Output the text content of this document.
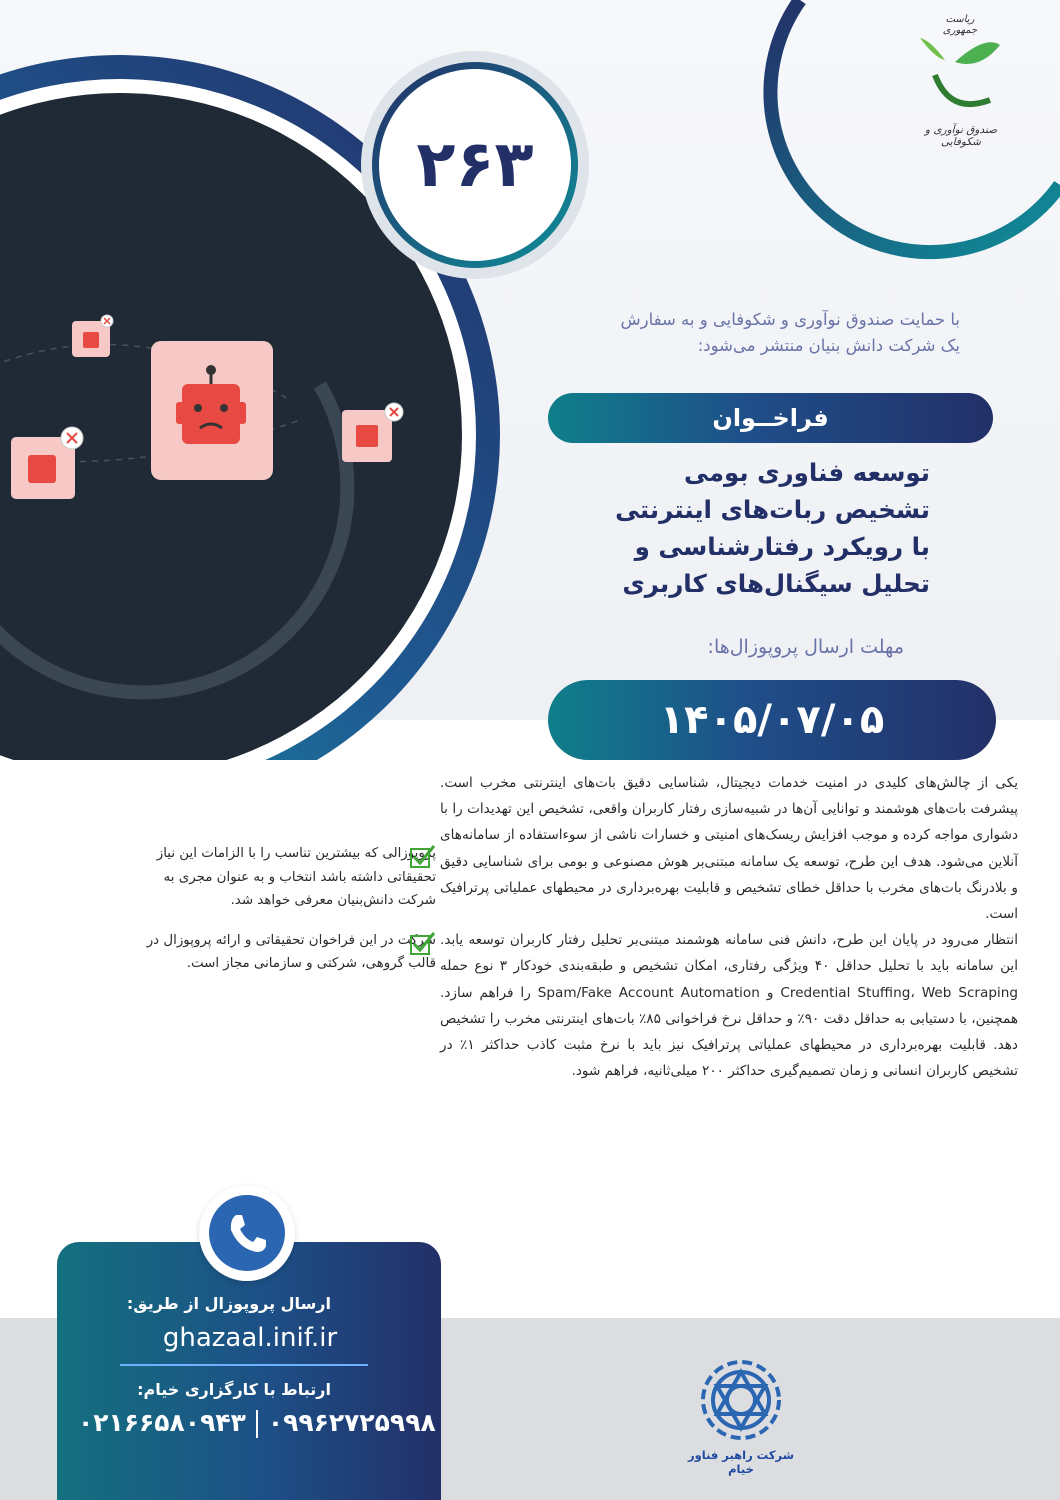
۲۶۳
ریاست جمهوری
صندوق نوآوری و شکوفایی
با حمایت صندوق نوآوری و شکوفایی و به سفارش
یک شرکت دانش بنیان منتشر می‌شود:
فراخــوان
توسعه فناوری بومی
تشخیص ربات‌های اینترنتی
با رویکرد رفتارشناسی و
تحلیل سیگنال‌های کاربری
مهلت ارسال پروپوزال‌ها:
۱۴۰۵/۰۷/۰۵

یکی از چالش‌های کلیدی در امنیت خدمات دیجیتال، شناسایی دقیق بات‌های اینترنتی مخرب است. پیشرفت بات‌های هوشمند و توانایی آن‌ها در شبیه‌سازی رفتار کاربران واقعی، تشخیص این تهدیدات را با دشواری مواجه کرده و موجب افزایش ریسک‌های امنیتی و خسارات ناشی از سوءاستفاده از سامانه‌های آنلاین می‌شود. هدف این طرح، توسعه یک سامانه مبتنی‌بر هوش مصنوعی و بومی برای شناسایی دقیق و بلادرنگ بات‌های مخرب با حداقل خطای تشخیص و قابلیت بهره‌برداری در محیطهای عملیاتی پرترافیک است.

انتظار می‌رود در پایان این طرح، دانش فنی سامانه هوشمند مبتنی‌بر تحلیل رفتار کاربران توسعه یابد. این سامانه باید با تحلیل حداقل ۴۰ ویژگی رفتاری، امکان تشخیص و طبقه‌بندی خودکار ۳ نوع حمله Credential Stuffing، Web Scraping و Spam/Fake Account Automation را فراهم سازد. همچنین، با دستیابی به حداقل دقت ۹۰٪ و حداقل نرخ فراخوانی ۸۵٪ بات‌های اینترنتی مخرب را تشخیص دهد. قابلیت بهره‌برداری در محیطهای عملیاتی پرترافیک نیز باید با نرخ مثبت کاذب حداکثر ۱٪ در تشخیص کاربران انسانی و زمان تصمیم‌گیری حداکثر ۲۰۰ میلی‌ثانیه، فراهم شود.

پروپوزالی که بیشترین تناسب را با الزامات این نیاز تحقیقاتی داشته باشد انتخاب و به عنوان مجری به شرکت دانش‌بنیان معرفی خواهد شد.
شرکت در این فراخوان تحقیقاتی و ارائه پروپوزال در قالب گروهی، شرکتی و سازمانی مجاز است.
ارسال پروپوزال از طریق:
ghazaal.inif.ir
ارتباط با کارگزاری خیام:
۰۲۱۶۶۵۸۰۹۴۳ ۰۹۹۶۲۷۲۵۹۹۸
شرکت راهبر فناور خیام
